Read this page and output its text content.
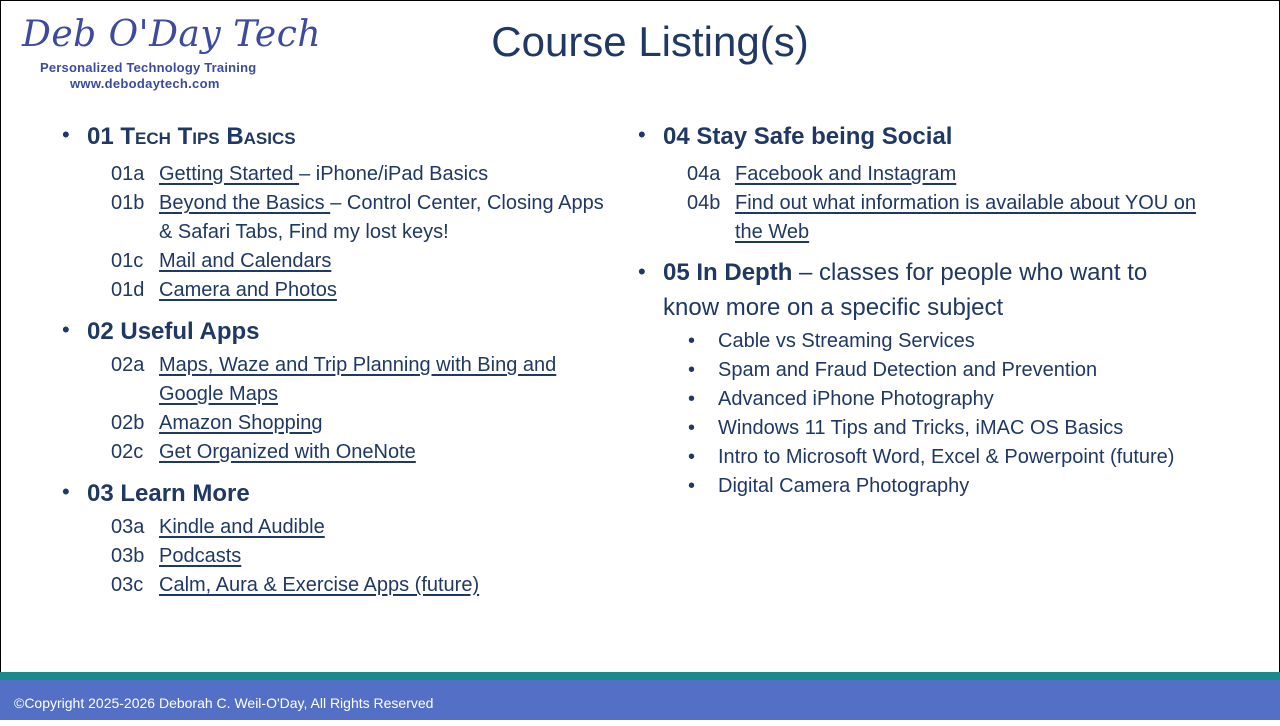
Deb O'Day Tech
Personalized Technology Training
www.debodaytech.com
Course Listing(s)
• 01 Tech Tips Basics
01a Getting Started – iPhone/iPad Basics
01b Beyond the Basics – Control Center, Closing Apps & Safari Tabs, Find my lost keys!
01c Mail and Calendars
01d Camera and Photos
• 02 Useful Apps
02a Maps, Waze and Trip Planning with Bing and Google Maps
02b Amazon Shopping
02c Get Organized with OneNote
• 03 Learn More
03a Kindle and Audible
03b Podcasts
03c Calm, Aura & Exercise Apps (future)
• 04 Stay Safe being Social
04a Facebook and Instagram
04b Find out what information is available about YOU on the Web
• 05 In Depth – classes for people who want to know more on a specific subject
• Cable vs Streaming Services
• Spam and Fraud Detection and Prevention
• Advanced iPhone Photography
• Windows 11 Tips and Tricks, iMAC OS Basics
• Intro to Microsoft Word, Excel & Powerpoint (future)
• Digital Camera Photography
©Copyright 2025-2026 Deborah C. Weil-O'Day, All Rights Reserved
